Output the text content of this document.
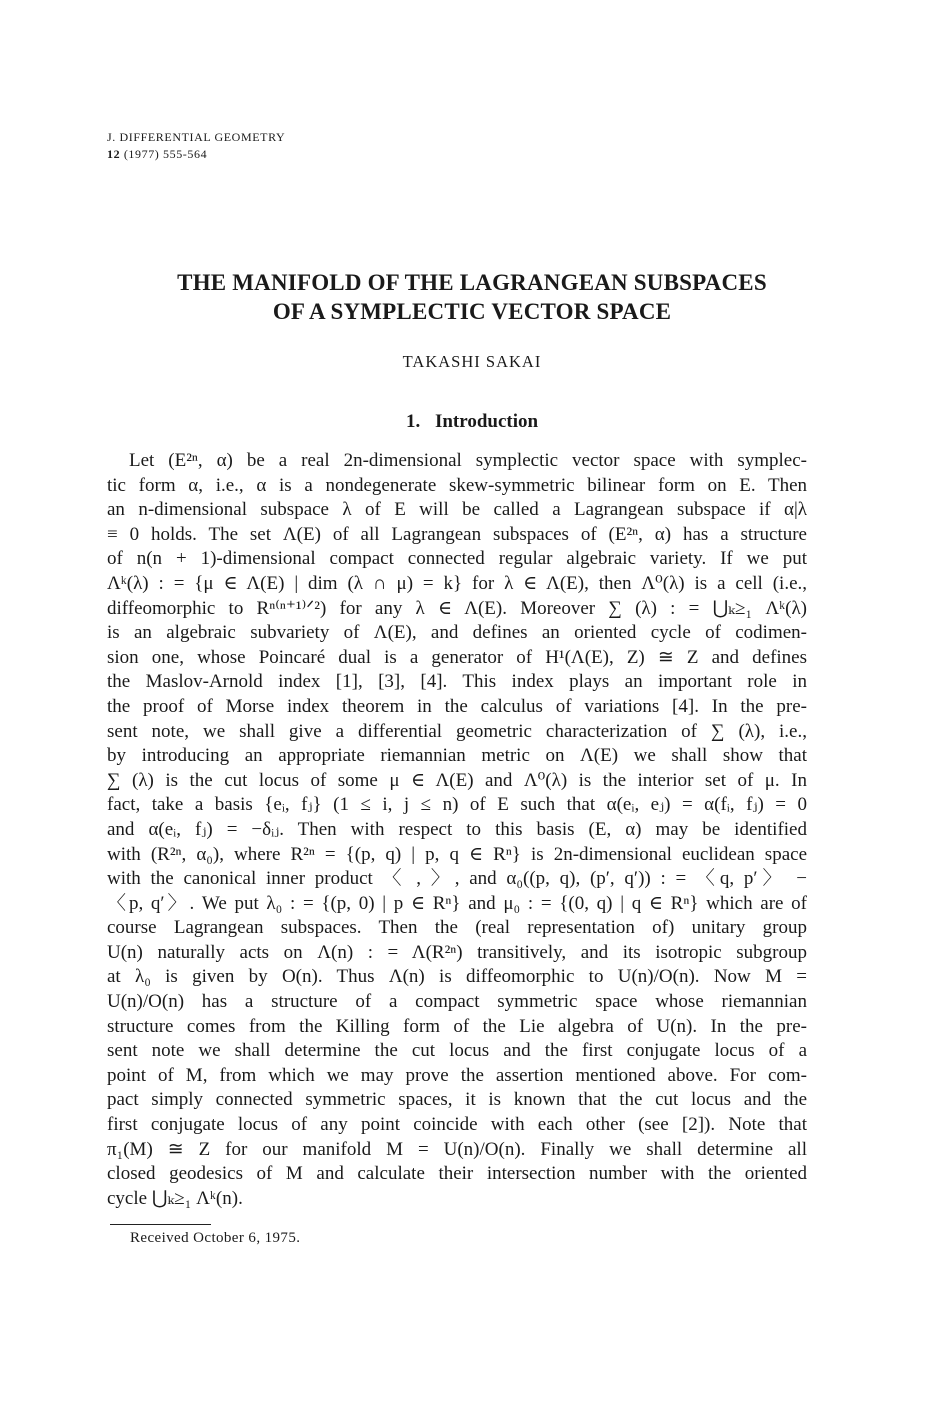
J. DIFFERENTIAL GEOMETRY
12 (1977) 555-564
THE MANIFOLD OF THE LAGRANGEAN SUBSPACES
OF A SYMPLECTIC VECTOR SPACE
TAKASHI SAKAI
1. Introduction
Let (E²ⁿ, α) be a real 2n-dimensional symplectic vector space with symplec-
tic form α, i.e., α is a nondegenerate skew-symmetric bilinear form on E. Then
an n-dimensional subspace λ of E will be called a Lagrangean subspace if α|λ
≡ 0 holds. The set Λ(E) of all Lagrangean subspaces of (E²ⁿ, α) has a structure
of n(n + 1)-dimensional compact connected regular algebraic variety. If we put
Λᵏ(λ) : = {μ ∈ Λ(E) | dim (λ ∩ μ) = k} for λ ∈ Λ(E), then Λ⁰(λ) is a cell (i.e.,
diffeomorphic to Rⁿ⁽ⁿ⁺¹⁾ᐟ²) for any λ ∈ Λ(E). Moreover ∑ (λ) : = ⋃ₖ≥₁ Λᵏ(λ)
is an algebraic subvariety of Λ(E), and defines an oriented cycle of codimen-
sion one, whose Poincaré dual is a generator of H¹(Λ(E), Z) ≅ Z and defines
the Maslov-Arnold index [1], [3], [4]. This index plays an important role in
the proof of Morse index theorem in the calculus of variations [4]. In the pre-
sent note, we shall give a differential geometric characterization of ∑ (λ), i.e.,
by introducing an appropriate riemannian metric on Λ(E) we shall show that
∑ (λ) is the cut locus of some μ ∈ Λ(E) and Λ⁰(λ) is the interior set of μ. In
fact, take a basis {eᵢ, fⱼ} (1 ≤ i, j ≤ n) of E such that α(eᵢ, eⱼ) = α(fᵢ, fⱼ) = 0
and α(eᵢ, fⱼ) = −δᵢⱼ. Then with respect to this basis (E, α) may be identified
with (R²ⁿ, α₀), where R²ⁿ = {(p, q) | p, q ∈ Rⁿ} is 2n-dimensional euclidean space
with the canonical inner product 〈 , 〉, and α₀((p, q), (p′, q′)) : = 〈q, p′〉 −
〈p, q′〉. We put λ₀ : = {(p, 0) | p ∈ Rⁿ} and μ₀ : = {(0, q) | q ∈ Rⁿ} which are of
course Lagrangean subspaces. Then the (real representation of) unitary group
U(n) naturally acts on Λ(n) : = Λ(R²ⁿ) transitively, and its isotropic subgroup
at λ₀ is given by O(n). Thus Λ(n) is diffeomorphic to U(n)/O(n). Now M =
U(n)/O(n) has a structure of a compact symmetric space whose riemannian
structure comes from the Killing form of the Lie algebra of U(n). In the pre-
sent note we shall determine the cut locus and the first conjugate locus of a
point of M, from which we may prove the assertion mentioned above. For com-
pact simply connected symmetric spaces, it is known that the cut locus and the
first conjugate locus of any point coincide with each other (see [2]). Note that
π₁(M) ≅ Z for our manifold M = U(n)/O(n). Finally we shall determine all
closed geodesics of M and calculate their intersection number with the oriented
cycle ⋃ₖ≥₁ Λᵏ(n).
Received October 6, 1975.
